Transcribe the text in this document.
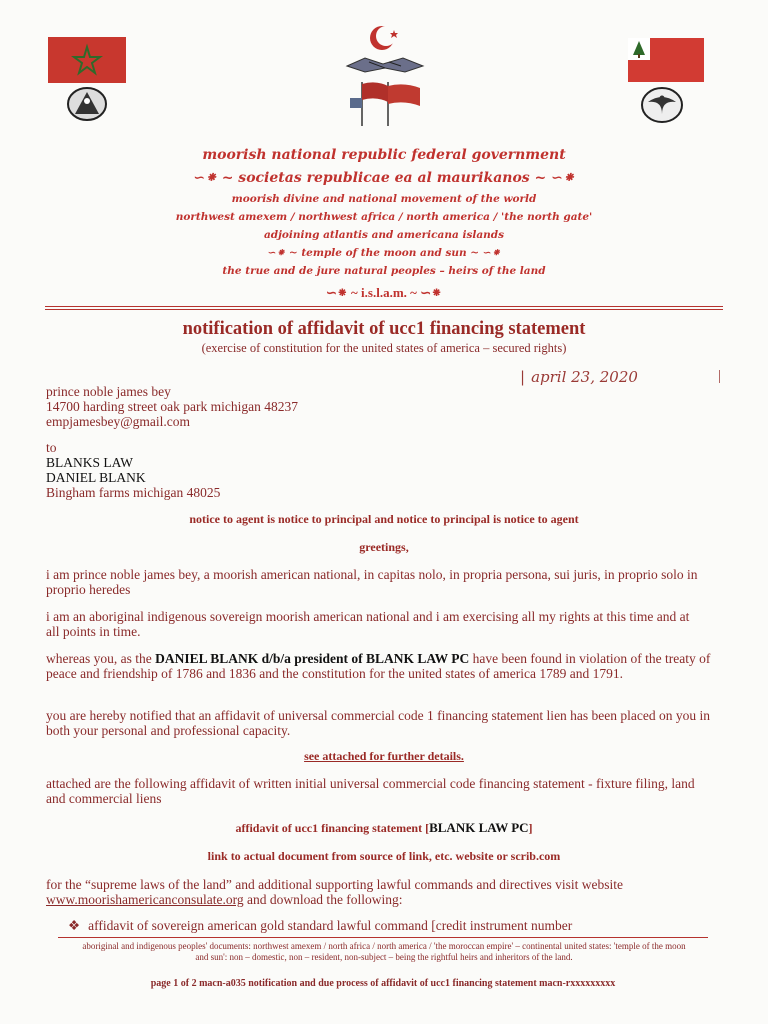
moorish national republic federal government
∽⁕ ~ societas republicae ea al maurikanos ~ ∽⁕
moorish divine and national movement of the world
northwest amexem / northwest africa / north america / 'the north gate'
adjoining atlantis and americana islands
∽⁕ ~ temple of the moon and sun ~ ∽⁕
the true and de jure natural peoples – heirs of the land
∽⁕ ~ i.s.l.a.m. ~ ∽⁕
notification of affidavit of ucc1 financing statement
(exercise of constitution for the united states of america – secured rights)
| april 23, 2020	|
prince noble james bey
14700 harding street oak park michigan 48237
empjamesbey@gmail.com
to
BLANKS LAW
DANIEL BLANK
Bingham farms michigan 48025
notice to agent is notice to principal and notice to principal is notice to agent
greetings,
i am prince noble james bey, a moorish american national, in capitas nolo, in propria persona, sui juris, in proprio solo in proprio heredes
i am an aboriginal indigenous sovereign moorish american national and i am exercising all my rights at this time and at all points in time.
whereas you, as the DANIEL BLANK d/b/a president of BLANK LAW PC have been found in violation of the treaty of peace and friendship of 1786 and 1836 and the constitution for the united states of america 1789 and 1791.
you are hereby notified that an affidavit of universal commercial code 1 financing statement lien has been placed on you in both your personal and professional capacity.
see attached for further details.
attached are the following affidavit of written initial universal commercial code financing statement - fixture filing, land and commercial liens
affidavit of ucc1 financing statement [BLANK LAW PC]
link to actual document from source of link, etc. website or scrib.com
for the “supreme laws of the land” and additional supporting lawful commands and directives visit website www.moorishamericanconsulate.org and download the following:
❖ affidavit of sovereign american gold standard lawful command [credit instrument number
aboriginal and indigenous peoples' documents: northwest amexem / north africa / north america / 'the moroccan empire' – continental united states: 'temple of the moon and sun': non – domestic, non – resident, non-subject – being the rightful heirs and inheritors of the land.
page 1 of 2 macn-a035 notification and due process of affidavit of ucc1 financing statement macn-rxxxxxxxxx
